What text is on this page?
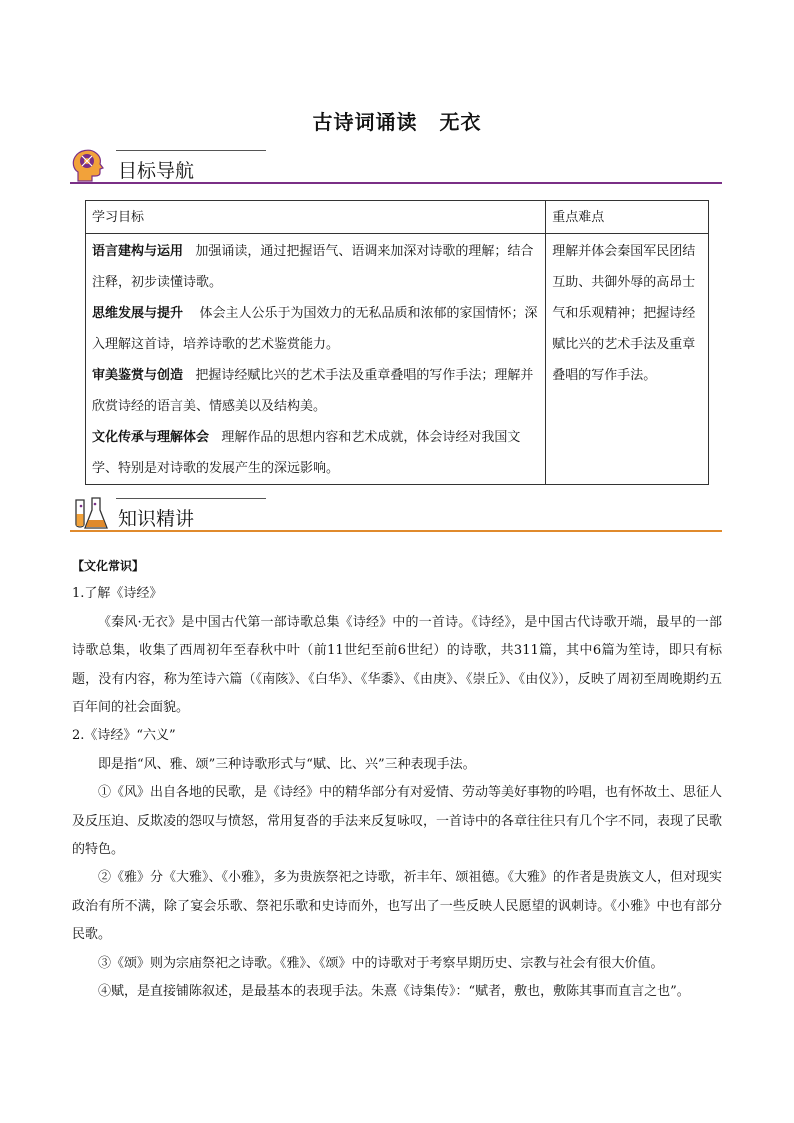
古诗词诵读 无衣
目标导航
学习目标	重点难点

语言建构与运用 加强诵读，通过把握语气、语调来加深对诗歌的理解；结合注释，初步读懂诗歌。
思维发展与提升 体会主人公乐于为国效力的无私品质和浓郁的家国情怀；深入理解这首诗，培养诗歌的艺术鉴赏能力。
审美鉴赏与创造 把握诗经赋比兴的艺术手法及重章叠唱的写作手法；理解并欣赏诗经的语言美、情感美以及结构美。
文化传承与理解体会 理解作品的思想内容和艺术成就，体会诗经对我国文学、特别是对诗歌的发展产生的深远影响。	理解并体会秦国军民团结互助、共御外辱的高昂士气和乐观精神；把握诗经赋比兴的艺术手法及重章叠唱的写作手法。
知识精讲

【文化常识】

1.了解《诗经》

《秦风·无衣》是中国古代第一部诗歌总集《诗经》中的一首诗。《诗经》，是中国古代诗歌开端，最早的一部诗歌总集，收集了西周初年至春秋中叶（前11世纪至前6世纪）的诗歌，共311篇，其中6篇为笙诗，即只有标题，没有内容，称为笙诗六篇（《南陔》、《白华》、《华黍》、《由庚》、《崇丘》、《由仪》），反映了周初至周晚期约五百年间的社会面貌。

2.《诗经》“六义”

即是指“风、雅、颂”三种诗歌形式与“赋、比、兴”三种表现手法。

①《风》出自各地的民歌，是《诗经》中的精华部分有对爱情、劳动等美好事物的吟唱，也有怀故土、思征人及反压迫、反欺凌的怨叹与愤怒，常用复沓的手法来反复咏叹，一首诗中的各章往往只有几个字不同，表现了民歌的特色。

②《雅》分《大雅》、《小雅》，多为贵族祭祀之诗歌，祈丰年、颂祖德。《大雅》的作者是贵族文人，但对现实政治有所不满，除了宴会乐歌、祭祀乐歌和史诗而外，也写出了一些反映人民愿望的讽刺诗。《小雅》中也有部分民歌。

③《颂》则为宗庙祭祀之诗歌。《雅》、《颂》中的诗歌对于考察早期历史、宗教与社会有很大价值。

④赋，是直接铺陈叙述，是最基本的表现手法。朱熹《诗集传》：“赋者，敷也，敷陈其事而直言之也”。
